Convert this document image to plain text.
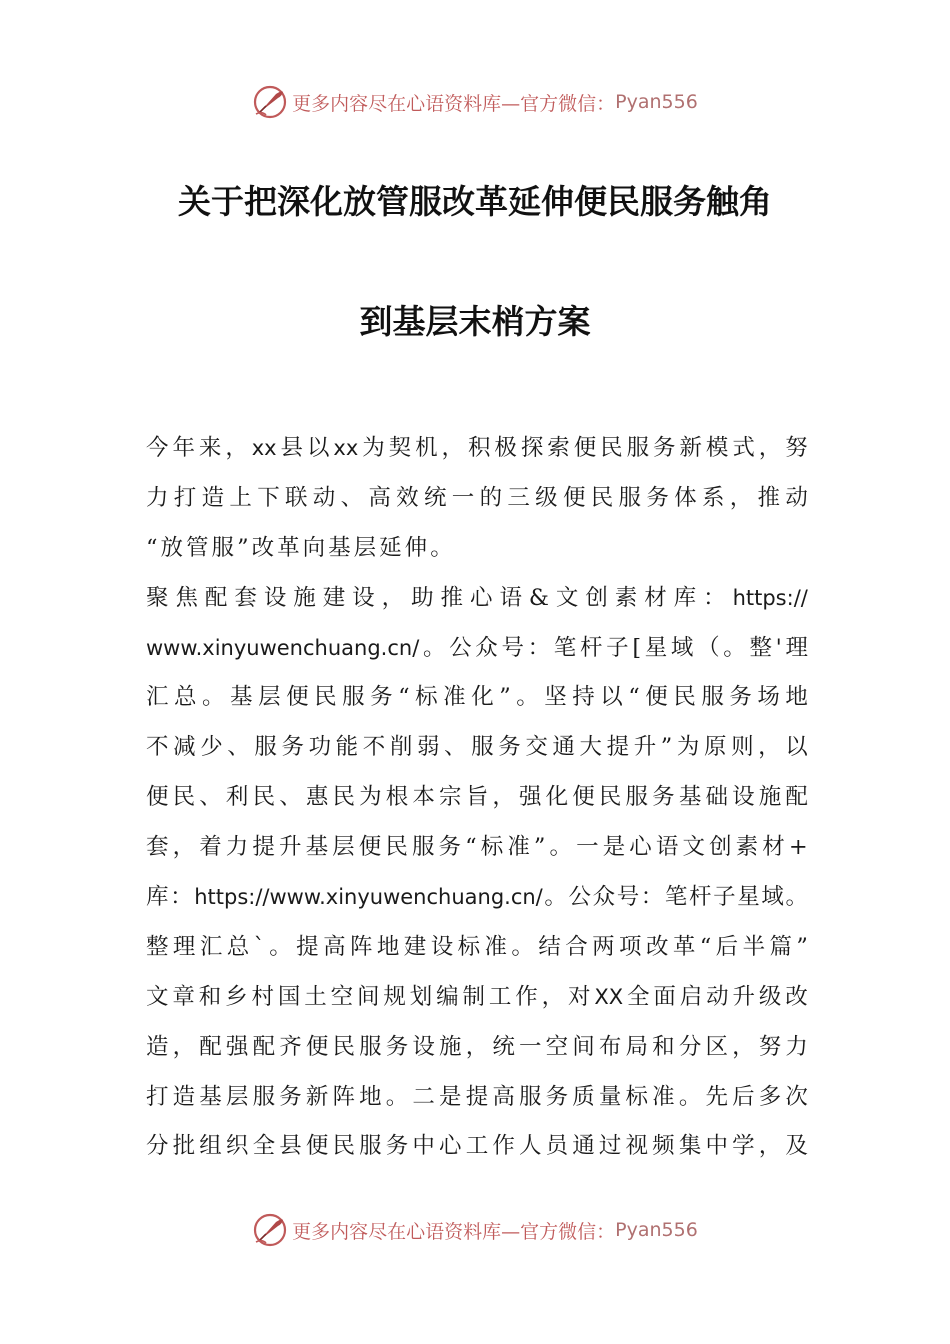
更多内容尽在心语资料库—官方微信： Pyan556
关于把深化放管服改革延伸便民服务触角
到基层末梢方案
今 年 来 ， xx 县 以 xx 为 契 机 ， 积 极 探 索 便 民 服 务 新 模 式 ， 努
力 打 造 上 下 联 动 、 高 效 统 一 的 三 级 便 民 服 务 体 系 ， 推 动
“ 放 管 服 ” 改 革 向 基 层 延 伸 。
聚 焦 配 套 设 施 建 设 ， 助 推 心 语 & 文 创 素 材 库 ： https://
www.xinyuwenchuang.cn/ 。 公 众 号 ： 笔 杆 子 [ 星 域 （ 。 整 ' 理
汇 总 。 基 层 便 民 服 务 “ 标 准 化 ” 。 坚 持 以 “ 便 民 服 务 场 地
不 减 少 、 服 务 功 能 不 削 弱 、 服 务 交 通 大 提 升 ” 为 原 则 ， 以
便 民 、 利 民 、 惠 民 为 根 本 宗 旨 ， 强 化 便 民 服 务 基 础 设 施 配
套 ， 着 力 提 升 基 层 便 民 服 务 “ 标 准 ” 。 一 是 心 语 文 创 素 材 +
库 ： https://www.xinyuwenchuang.cn/ 。 公 众 号 ： 笔 杆 子 星 域 。
整 理 汇 总 ` 。 提 高 阵 地 建 设 标 准 。 结 合 两 项 改 革 “ 后 半 篇 ”
文 章 和 乡 村 国 土 空 间 规 划 编 制 工 作 ， 对 XX 全 面 启 动 升 级 改
造 ， 配 强 配 齐 便 民 服 务 设 施 ， 统 一 空 间 布 局 和 分 区 ， 努 力
打 造 基 层 服 务 新 阵 地 。 二 是 提 高 服 务 质 量 标 准 。 先 后 多 次
分 批 组 织 全 县 便 民 服 务 中 心 工 作 人 员 通 过 视 频 集 中 学 ， 及
更多内容尽在心语资料库—官方微信： Pyan556
